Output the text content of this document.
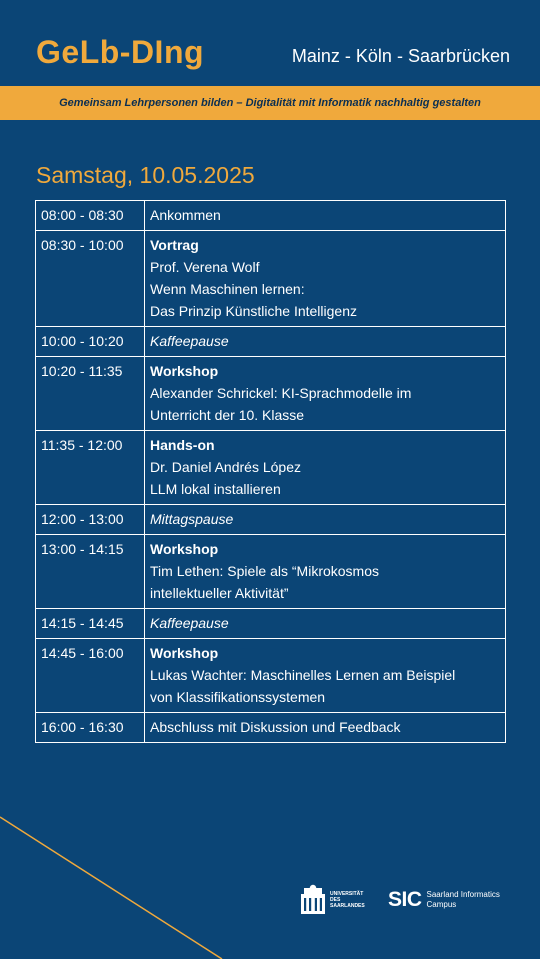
GeLb-DIng	Mainz - Köln - Saarbrücken
Gemeinsam Lehrpersonen bilden – Digitalität mit Informatik nachhaltig gestalten
Samstag, 10.05.2025
08:00 - 08:30	Ankommen

08:30 - 10:00	Vortrag
Prof. Verena Wolf
Wenn Maschinen lernen:
Das Prinzip Künstliche Intelligenz

10:00 - 10:20	Kaffeepause

10:20 - 11:35	Workshop
Alexander Schrickel: KI-Sprachmodelle im
Unterricht der 10. Klasse

11:35 - 12:00	Hands-on
Dr. Daniel Andrés López
LLM lokal installieren

12:00 - 13:00	Mittagspause

13:00 - 14:15	Workshop
Tim Lethen: Spiele als “Mikrokosmos
intellektueller Aktivität”

14:15 - 14:45	Kaffeepause

14:45 - 16:00	Workshop
Lukas Wachter: Maschinelles Lernen am Beispiel
von Klassifikationssystemen

16:00 - 16:30	Abschluss mit Diskussion und Feedback
UNIVERSITÄT
DES
SAARLANDES	SIC Saarland Informatics
Campus
